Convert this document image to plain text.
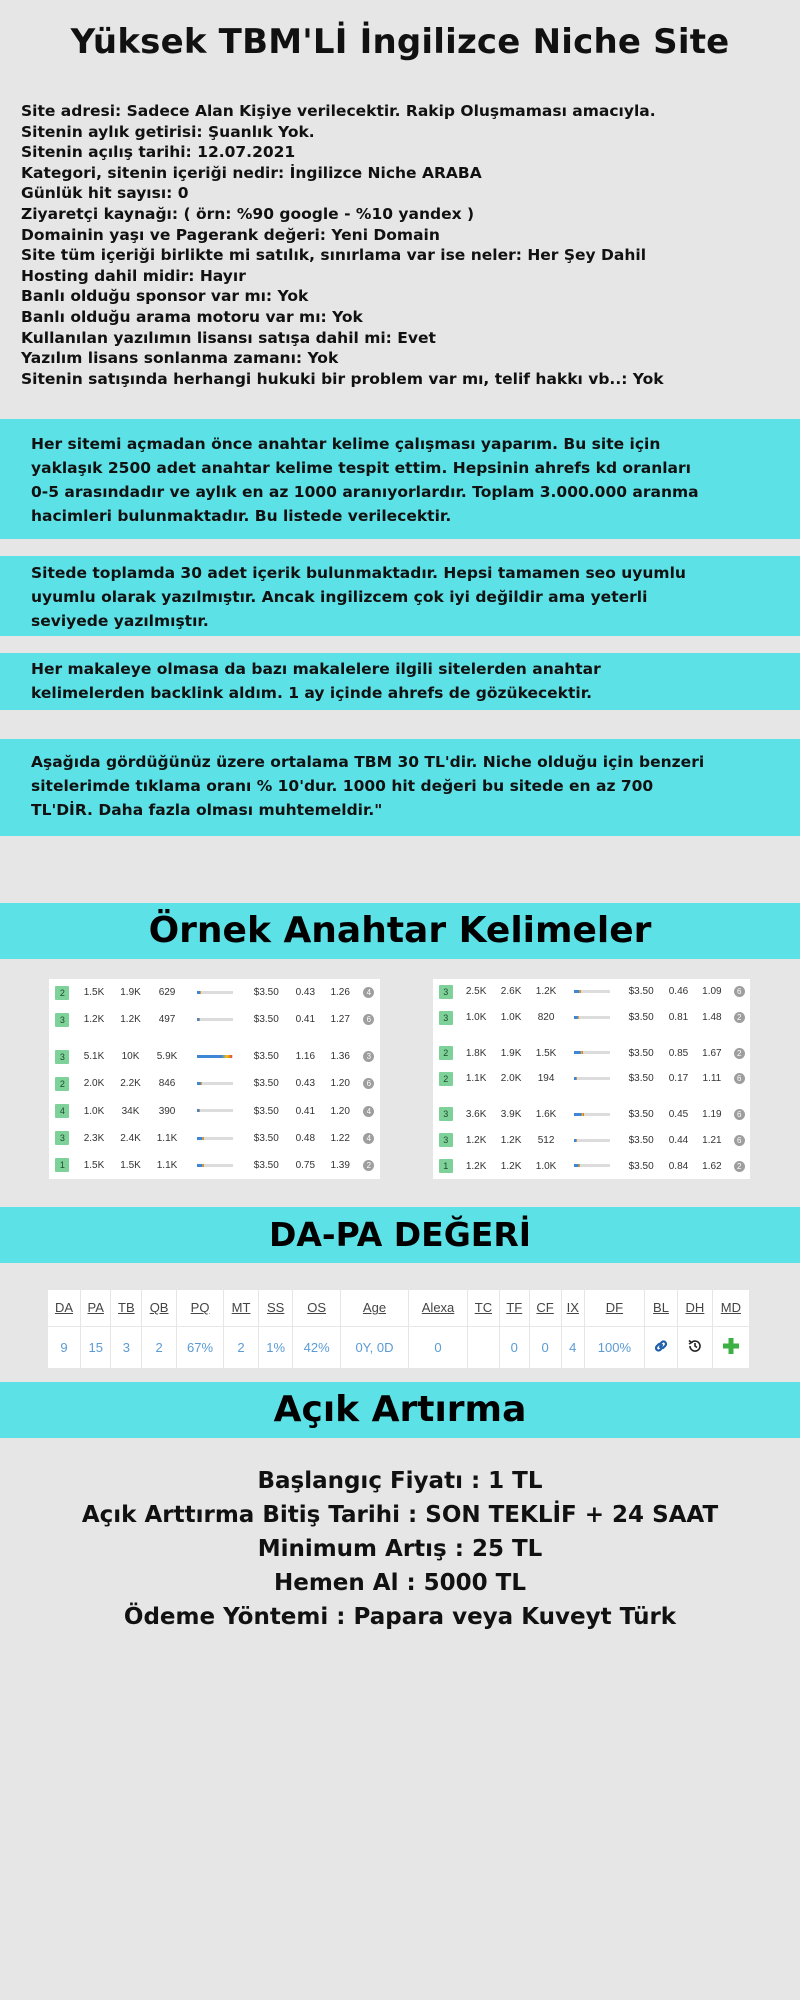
Yüksek TBM'Lİ İngilizce Niche Site
Site adresi: Sadece Alan Kişiye verilecektir. Rakip Oluşmaması amacıyla.
Sitenin aylık getirisi: Şuanlık Yok.
Sitenin açılış tarihi: 12.07.2021
Kategori, sitenin içeriği nedir: İngilizce Niche ARABA
Günlük hit sayısı: 0
Ziyaretçi kaynağı: ( örn: %90 google - %10 yandex )
Domainin yaşı ve Pagerank değeri: Yeni Domain
Site tüm içeriği birlikte mi satılık, sınırlama var ise neler: Her Şey Dahil
Hosting dahil midir: Hayır
Banlı olduğu sponsor var mı: Yok
Banlı olduğu arama motoru var mı: Yok
Kullanılan yazılımın lisansı satışa dahil mi: Evet
Yazılım lisans sonlanma zamanı: Yok
Sitenin satışında herhangi hukuki bir problem var mı, telif hakkı vb..: Yok
Her sitemi açmadan önce anahtar kelime çalışması yaparım. Bu site için
yaklaşık 2500 adet anahtar kelime tespit ettim. Hepsinin ahrefs kd oranları
0-5 arasındadır ve aylık en az 1000 aranıyorlardır. Toplam 3.000.000 aranma
hacimleri bulunmaktadır. Bu listede verilecektir.
Sitede toplamda 30 adet içerik bulunmaktadır. Hepsi tamamen seo uyumlu
uyumlu olarak yazılmıştır. Ancak ingilizcem çok iyi değildir ama yeterli
seviyede yazılmıştır.
Her makaleye olmasa da bazı makalelere ilgili sitelerden anahtar
kelimelerden backlink aldım. 1 ay içinde ahrefs de gözükecektir.
Aşağıda gördüğünüz üzere ortalama TBM 30 TL'dir. Niche olduğu için benzeri
sitelerimde tıklama oranı % 10'dur. 1000 hit değeri bu sitede en az 700
TL'DİR. Daha fazla olması muhtemeldir."
Örnek Anahtar Kelimeler
2	1.5K	1.9K	629		$3.50	0.43	1.26	4
3	1.2K	1.2K	497		$3.50	0.41	1.27	6

3	5.1K	10K	5.9K		$3.50	1.16	1.36	3
2	2.0K	2.2K	846		$3.50	0.43	1.20	6
4	1.0K	34K	390		$3.50	0.41	1.20	4
3	2.3K	2.4K	1.1K		$3.50	0.48	1.22	4
1	1.5K	1.5K	1.1K		$3.50	0.75	1.39	2
3	2.5K	2.6K	1.2K		$3.50	0.46	1.09	6
3	1.0K	1.0K	820		$3.50	0.81	1.48	2

2	1.8K	1.9K	1.5K		$3.50	0.85	1.67	2
2	1.1K	2.0K	194		$3.50	0.17	1.11	6

3	3.6K	3.9K	1.6K		$3.50	0.45	1.19	6
3	1.2K	1.2K	512		$3.50	0.44	1.21	6
1	1.2K	1.2K	1.0K		$3.50	0.84	1.62	2
DA-PA DEĞERİ
DA	PA	TB	QB	PQ	MT	SS	OS	Age	Alexa	TC	TF	CF	IX	DF	BL	DH	MD
9	15	3	2	67%	2	1%	42%	0Y, 0D	0		0	0	4	100%			
Açık Artırma
Başlangıç Fiyatı : 1 TL
Açık Arttırma Bitiş Tarihi : SON TEKLİF + 24 SAAT
Minimum Artış : 25 TL
Hemen Al : 5000 TL
Ödeme Yöntemi : Papara veya Kuveyt Türk
